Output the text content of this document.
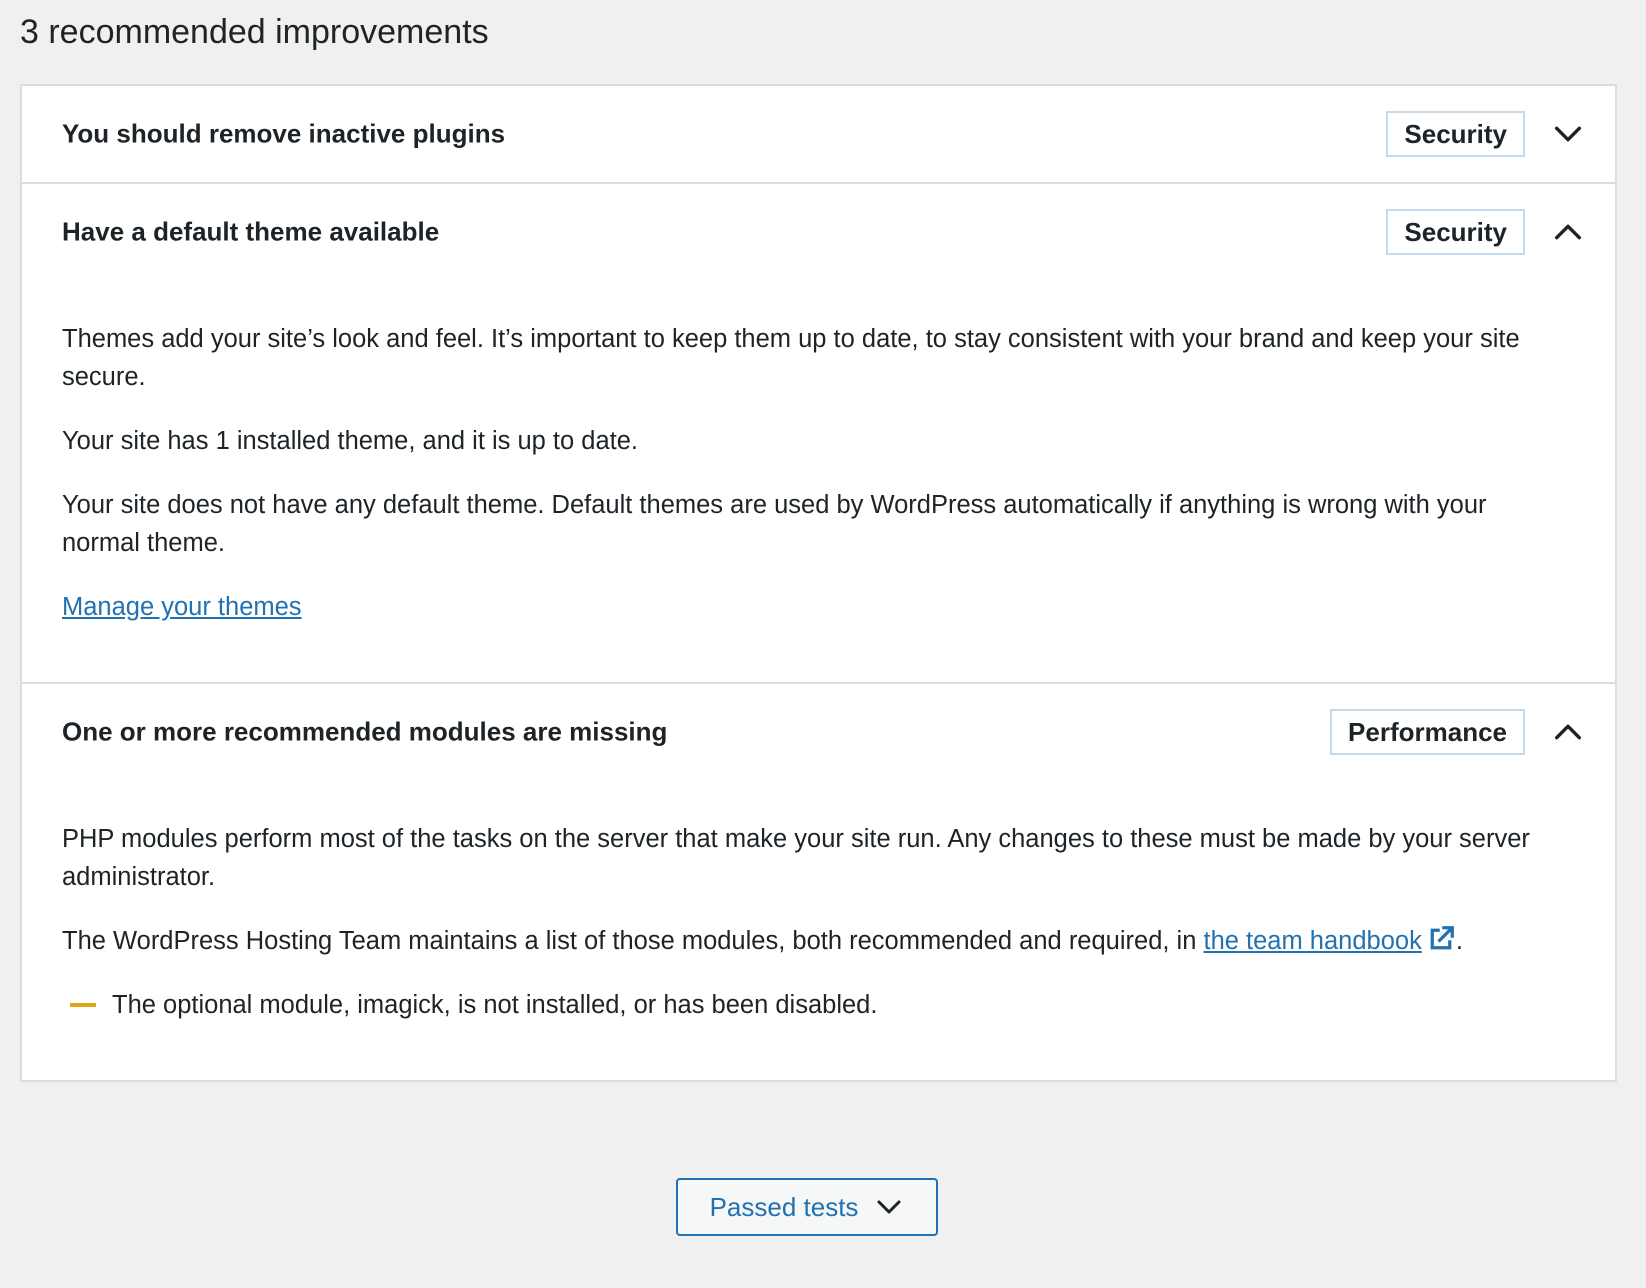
3 recommended improvements
You should remove inactive plugins	Security
Have a default theme available	Security

Themes add your site’s look and feel. It’s important to keep them up to date, to stay consistent with your brand and keep your site secure.

Your site has 1 installed theme, and it is up to date.

Your site does not have any default theme. Default themes are used by WordPress automatically if anything is wrong with your normal theme.

Manage your themes

One or more recommended modules are missing	Performance

PHP modules perform most of the tasks on the server that make your site run. Any changes to these must be made by your server administrator.

The WordPress Hosting Team maintains a list of those modules, both recommended and required, in the team handbook .

The optional module, imagick, is not installed, or has been disabled.
Passed tests
